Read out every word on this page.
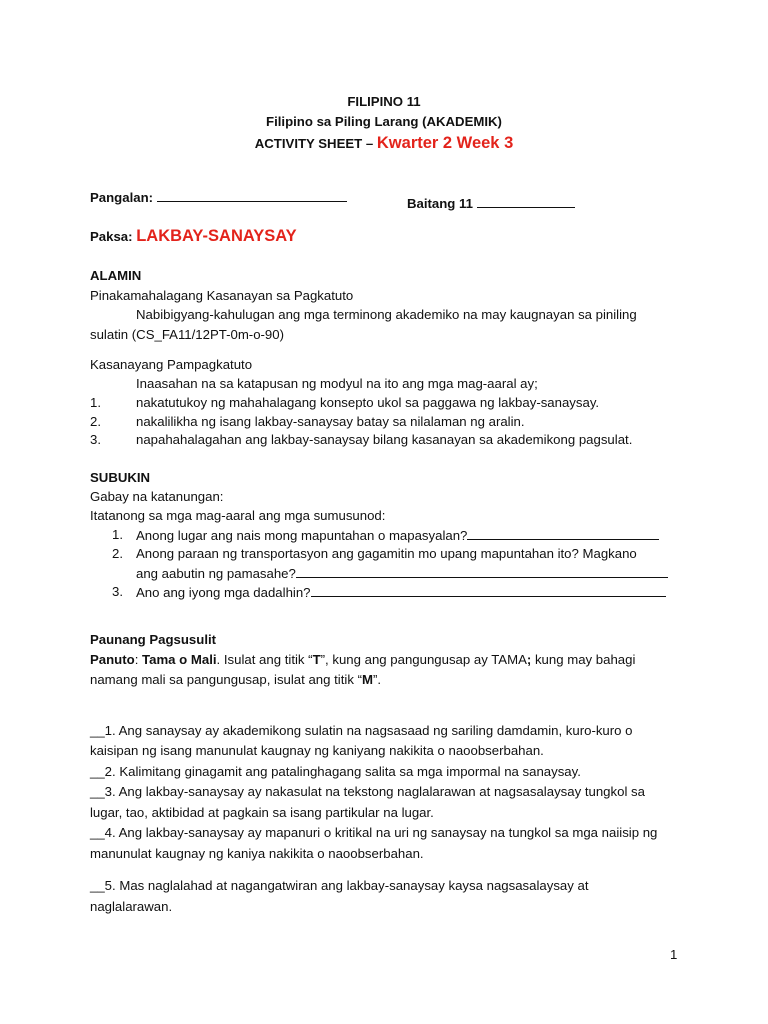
FILIPINO 11
Filipino sa Piling Larang (AKADEMIK)
ACTIVITY SHEET – Kwarter 2 Week 3
Pangalan:	Baitang 11
Paksa: LAKBAY-SANAYSAY
ALAMIN
Pinakamahalagang Kasanayan sa Pagkatuto
Nabibigyang-kahulugan ang mga terminong akademiko na may kaugnayan sa piniling
sulatin (CS_FA11/12PT-0m-o-90)
Kasanayang Pampagkatuto
Inaasahan na sa katapusan ng modyul na ito ang mga mag-aaral ay;
1.	nakatutukoy ng mahahalagang konsepto ukol sa paggawa ng lakbay-sanaysay.
2.	nakalilikha ng isang lakbay-sanaysay batay sa nilalaman ng aralin.
3.	napahahalagahan ang lakbay-sanaysay bilang kasanayan sa akademikong pagsulat.
SUBUKIN
Gabay na katanungan:
Itatanong sa mga mag-aaral ang mga sumusunod:
1. Anong lugar ang nais mong mapuntahan o mapasyalan?
2. Anong paraan ng transportasyon ang gagamitin mo upang mapuntahan ito? Magkano
ang aabutin ng pamasahe?
3. Ano ang iyong mga dadalhin?
Paunang Pagsusulit
Panuto: Tama o Mali. Isulat ang titik “T”, kung ang pangungusap ay TAMA; kung may bahagi
namang mali sa pangungusap, isulat ang titik “M”.
__1. Ang sanaysay ay akademikong sulatin na nagsasaad ng sariling damdamin, kuro-kuro o
kaisipan ng isang manunulat kaugnay ng kaniyang nakikita o naoobserbahan.
__2. Kalimitang ginagamit ang patalinghagang salita sa mga impormal na sanaysay.
__3. Ang lakbay-sanaysay ay nakasulat na tekstong naglalarawan at nagsasalaysay tungkol sa
lugar, tao, aktibidad at pagkain sa isang partikular na lugar.
__4. Ang lakbay-sanaysay ay mapanuri o kritikal na uri ng sanaysay na tungkol sa mga naiisip ng
manunulat kaugnay ng kaniya nakikita o naoobserbahan.
__5. Mas naglalahad at nagangatwiran ang lakbay-sanaysay kaysa nagsasalaysay at
naglalarawan.
1
